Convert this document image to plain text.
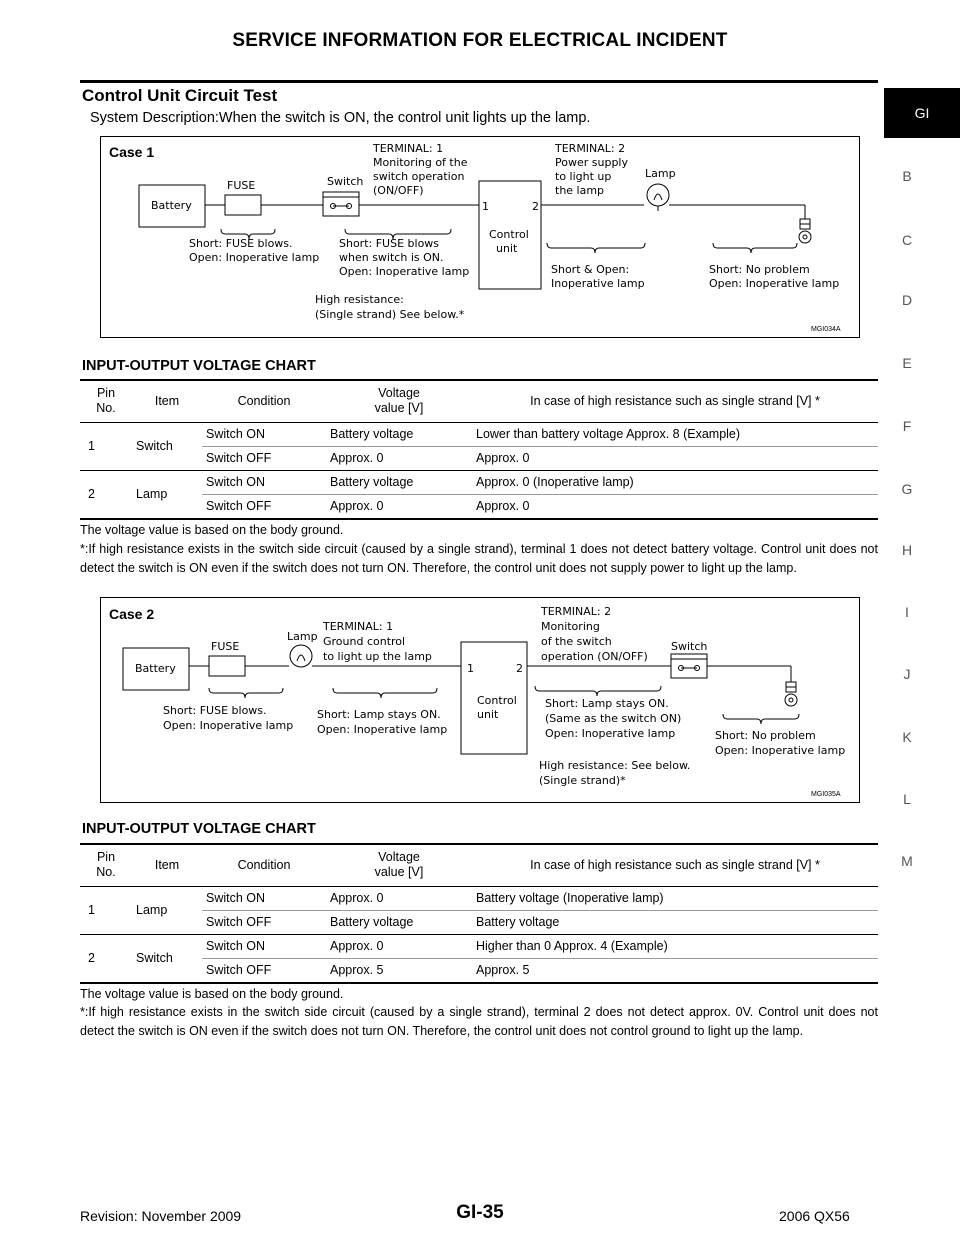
SERVICE INFORMATION FOR ELECTRICAL INCIDENT
GI
B
C
D
E
F
G
H
I
J
K
L
M
Control Unit Circuit Test
System Description:When the switch is ON, the control unit lights up the lamp.
Case 1
Battery
FUSE	Switch
Lamp
1	2
Control
unit
TERMINAL: 1
Monitoring of the
switch operation
(ON/OFF)
TERMINAL: 2
Power supply
to light up
the lamp
Short: FUSE blows.
Open: Inoperative lamp
Short: FUSE blows
when switch is ON.
Open: Inoperative lamp
High resistance:
(Single strand) See below.*
Short & Open:
Inoperative lamp
Short: No problem
Open: Inoperative lamp
MGI034A
INPUT-OUTPUT VOLTAGE CHART
Pin
No.	Item	Condition	Voltage
value [V]	In case of high resistance such as single strand [V] *
1	Switch	Switch ON	Battery voltage	Lower than battery voltage Approx. 8 (Example)
		Switch OFF	Approx. 0	Approx. 0
2	Lamp	Switch ON	Battery voltage	Approx. 0 (Inoperative lamp)
		Switch OFF	Approx. 0	Approx. 0
The voltage value is based on the body ground.
*:If high resistance exists in the switch side circuit (caused by a single strand), terminal 1 does not detect battery voltage. Control unit does not detect the switch is ON even if the switch does not turn ON. Therefore, the control unit does not supply power to light up the lamp.
Case 2
Battery
FUSE
Lamp
Switch
1	2
Control
unit
TERMINAL: 1
Ground control
to light up the lamp
TERMINAL: 2
Monitoring
of the switch
operation (ON/OFF)
Short: FUSE blows.
Open: Inoperative lamp
Short: Lamp stays ON.
Open: Inoperative lamp
Short: Lamp stays ON.
(Same as the switch ON)
Open: Inoperative lamp
High resistance: See below.
(Single strand)*
Short: No problem
Open: Inoperative lamp
MGI035A
INPUT-OUTPUT VOLTAGE CHART
Pin
No.	Item	Condition	Voltage
value [V]	In case of high resistance such as single strand [V] *
1	Lamp	Switch ON	Approx. 0	Battery voltage (Inoperative lamp)
		Switch OFF	Battery voltage	Battery voltage
2	Switch	Switch ON	Approx. 0	Higher than 0 Approx. 4 (Example)
		Switch OFF	Approx. 5	Approx. 5
The voltage value is based on the body ground.
*:If high resistance exists in the switch side circuit (caused by a single strand), terminal 2 does not detect approx. 0V. Control unit does not detect the switch is ON even if the switch does not turn ON. Therefore, the control unit does not control ground to light up the lamp.
Revision: November 2009	GI-35	2006 QX56
